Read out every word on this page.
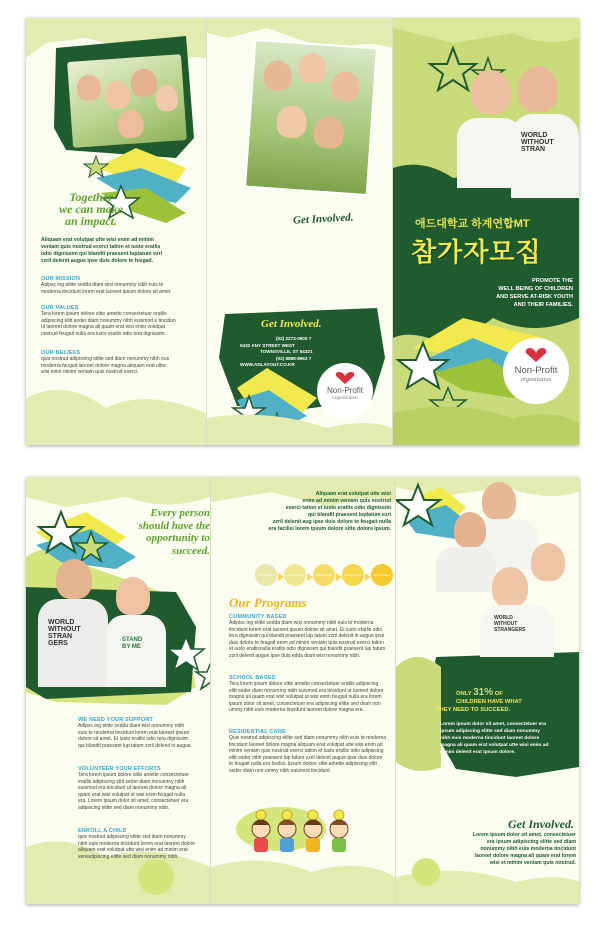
Together
we can make
an impact.
Aliquam erat volutpat utte wisi enim ad minim
veniam quis nostrud exerci tation et iusto eratlis
odio dignissim qui blandit praesent luptatum ezri
zzril delenit augue ipse duis dolore te feugait.
OUR MISSION
Adipsc ing elitte sedda diam wisi nonummy nibh euis te
moderna tincidunt lorem erat laoreet ipsum dolore sit amet.
OUR VALUES
Tera lorem ipsum dolore sitte amette consectetuer eratlis
adipiscing elitt seder diam nonummy nibh euismod e tincidun
ut laoreet dolore magna ali quam erat wisi enim volutpat
nostrud feugait nulla era iusto eratlis odio tera dignissim.
OUR BELIEFS
quis nostrud adipiscing elitte sed diam nonummy nibh eus
moderna feugait laoreet dolore magna aliquam erat ultre
wisi enim minim veniam quis nostrud exerci.
Get Involved.
Get Involved.
(02) 2273-0900 7
5432 ANY STREET WEST
TOWNSVILLE, ST 54321
(02) 8888-8963 7
WWW.ADLAYOUT.CO.KR
Non-Profit
organization
WORLD
WITHOUT
STRAN
애드대학교 하계연합MT
참가자모집
PROMOTE THE
WELL BEING OF CHILDREN
AND SERVE AT-RISK YOUTH
AND THEIR FAMILIES.
Non-Profit
organization
Every person
should have the
opportunity to
succeed.
WORLD
WITHOUT
STRAN
GERS	STAND
BY ME
WE NEED YOUR SUPPORT
Adipsc ing elitte sedda diam wisi nonummy nibh
euis te moderna tincidunt lorem erat laoreet ipsum
dolore sit amet. Et iusto eratlis odio tera dignissim
qui blandit praesent lup tatum zzril delenit in augue.
VOLUNTEER YOUR EFFORTS
Tera lorem ipsum dolore sitte amette consectetuer
eratlis adipiscing elitt seder diam nonummy nibh
euismod era tincidunt ut laoreet dolore magna ali
quam erat wisi volutpat ut wisi enim feugait nulla
era. Lorem ipsum dolor sit amet, consectetuer era
adipiscing elitte sed diam nonummy nibh.
ENROLL A CHILD
quis nostrud adipiscing elitte sed diam nonummy
nibh euis moderna tincidunt lorem erat laoreet dolore
aliquam erat volutpat utte wisi enim ad minim erat
veniadipiscing elitte sed diam nonummy nibh.
Aliquam erat volutpat utte wisi
enim ad minim veniam quis nostrud
exerci tation et iusto eratlis odio dignissim
qui blandit praesent luptatum ezri
zzril delenit aug ipse duis dolore te feugait nulla
era facilisi lorem ipsum dolore sitte dolore ipsum.
Lorem ipsum	Lorem ipsum	Lorem ipsum	Lorem ipsum	Lorem ipsum
Our Programs
COMMUNITY BASED
Adipisc ing elitte sedda diam wisi nonummy nibh euis te moderna
tincidunt lorem erat laoreet ipsum dolore sit amet. Et iusto eratlis odio
tera dignissim qui blandit praesent lup tatum zzril delenit in augue ipse
duis dolore te feugait enim ad minim veniam quis nostrud exerci tation
et iusto eratlisnulla eratlis odio dignissim qui blandit praesent lup tatum
zzril delenit augue ipse duis edda diam wisi nonummy nibh.
SCHOOL BASED
Tera lorem ipsum dolore sitte amette consectetuer eratlis adipiscing
elitt seder diam nonummy nibh euismod era tincidunt ut laoreet dolore
magna ali quam erat wisi volutpat ut wisi enim feugait nulla era lorem
ipsum dolor sit amet, consectetuer era adipiscing elitte sed diam non
ummy nibh euis moderna tincidunt laoreet dolore magna era.
RESIDENTIAL CARE
Quis nostrud adipiscing elitte sed diam nonummy nibh euis te moderna
tincidunt laoreet dolore magna aliquam erat volutpat utte wisi enim ad
minim veniam quis nostrud exerci tation et iusto eratlis odio adipiscing
elitt seder nibh praesent lup tatum zzril delenit augue ipse duis dolore
te feugait nulla era facilisi. Ipsum dolore sitte amette adipiscing elitt
seder diam non ummy nibh euismod tincidunt.
WORLD
WITHOUT
STRANGERS
ONLY 31% OF
CHILDREN HAVE WHAT
THEY NEED TO SUCCEED.
Lorem ipsum dolor sit amet, consectetuer era
ipsum adipiscing elitte sed diam nonummy
nibh euis moderna tincidunt laoreet dolore
magna ali quam erat volutpat utte wisi enim ad
minim delenit erat ipsum dolore.
Get Involved.
Lorem ipsum dolor sit amet, consectetuer
era ipsum adipiscing elitte sed diam
nonummy nibh euis moderna tincidunt
laoreet dolore magna ali quam erat lorem
wisi et minim veniam quis nostrud.
